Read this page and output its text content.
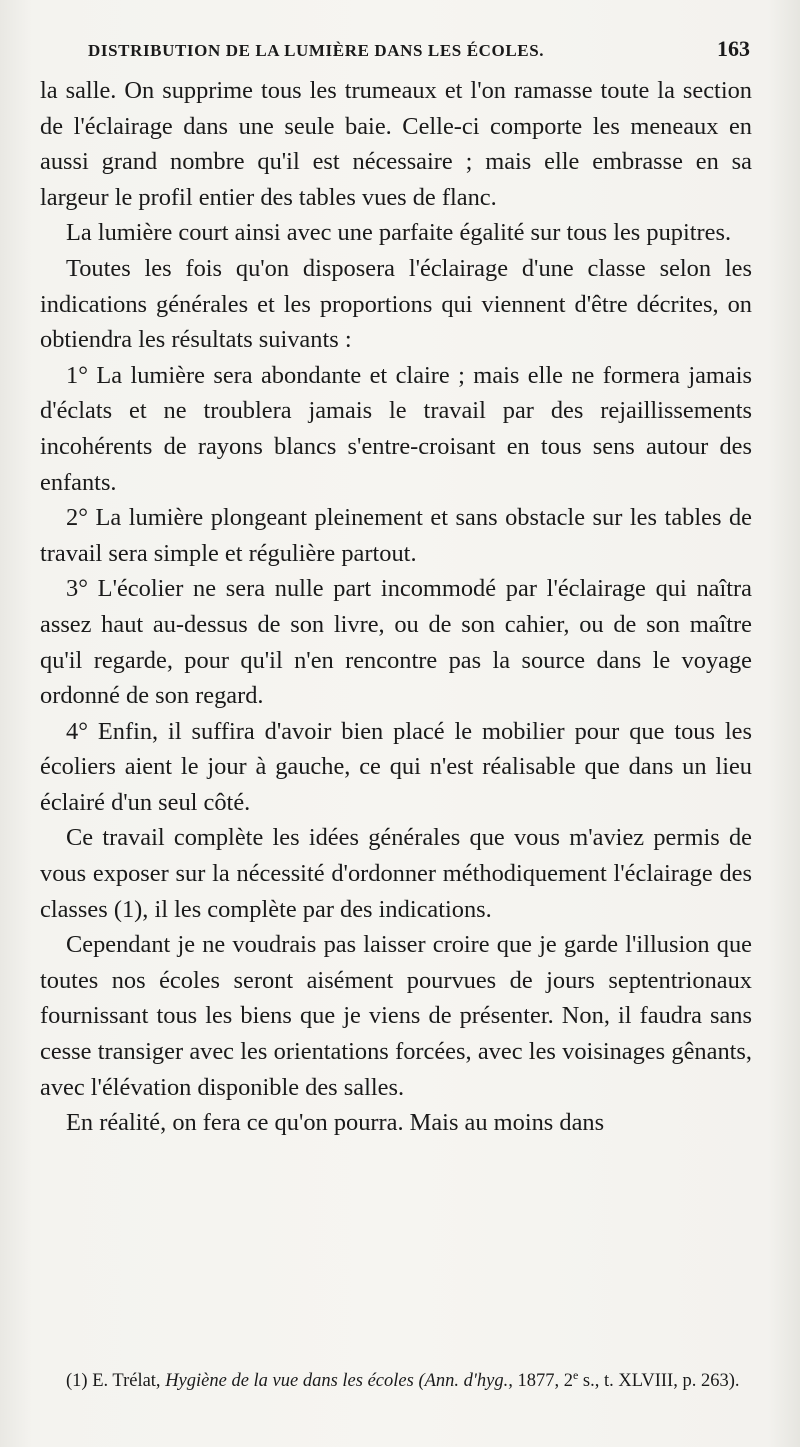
DISTRIBUTION DE LA LUMIÈRE DANS LES ÉCOLES.	163

la salle. On supprime tous les trumeaux et l'on ramasse toute la section de l'éclairage dans une seule baie. Celle-ci comporte les meneaux en aussi grand nombre qu'il est nécessaire ; mais elle embrasse en sa largeur le profil entier des tables vues de flanc.

La lumière court ainsi avec une parfaite égalité sur tous les pupitres.

Toutes les fois qu'on disposera l'éclairage d'une classe selon les indications générales et les proportions qui viennent d'être décrites, on obtiendra les résultats suivants :

1° La lumière sera abondante et claire ; mais elle ne formera jamais d'éclats et ne troublera jamais le travail par des rejaillissements incohérents de rayons blancs s'entre-croisant en tous sens autour des enfants.

2° La lumière plongeant pleinement et sans obstacle sur les tables de travail sera simple et régulière partout.

3° L'écolier ne sera nulle part incommodé par l'éclairage qui naîtra assez haut au-dessus de son livre, ou de son cahier, ou de son maître qu'il regarde, pour qu'il n'en rencontre pas la source dans le voyage ordonné de son regard.

4° Enfin, il suffira d'avoir bien placé le mobilier pour que tous les écoliers aient le jour à gauche, ce qui n'est réalisable que dans un lieu éclairé d'un seul côté.

Ce travail complète les idées générales que vous m'aviez permis de vous exposer sur la nécessité d'ordonner méthodiquement l'éclairage des classes (1), il les complète par des indications.

Cependant je ne voudrais pas laisser croire que je garde l'illusion que toutes nos écoles seront aisément pourvues de jours septentrionaux fournissant tous les biens que je viens de présenter. Non, il faudra sans cesse transiger avec les orientations forcées, avec les voisinages gênants, avec l'élévation disponible des salles.

En réalité, on fera ce qu'on pourra. Mais au moins dans

(1) E. Trélat, Hygiène de la vue dans les écoles (Ann. d'hyg., 1877, 2e s., t. XLVIII, p. 263).
